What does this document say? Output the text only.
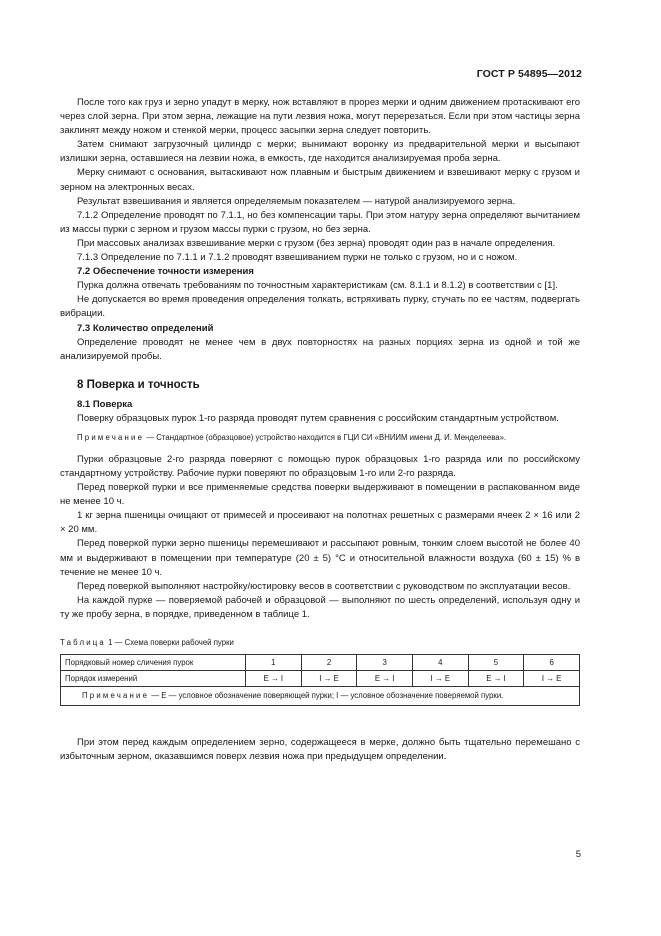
ГОСТ Р 54895—2012

После того как груз и зерно упадут в мерку, нож вставляют в прорез мерки и одним движением протаскивают его через слой зерна. При этом зерна, лежащие на пути лезвия ножа, могут перерезаться. Если при этом частицы зерна заклинят между ножом и стенкой мерки, процесс засыпки зерна следует повторить.

Затем снимают загрузочный цилиндр с мерки; вынимают воронку из предварительной мерки и высыпают излишки зерна, оставшиеся на лезвии ножа, в емкость, где находится анализируемая проба зерна.

Мерку снимают с основания, вытаскивают нож плавным и быстрым движением и взвешивают мерку с грузом и зерном на электронных весах.

Результат взвешивания и является определяемым показателем — натурой анализируемого зерна.

7.1.2 Определение проводят по 7.1.1, но без компенсации тары. При этом натуру зерна определяют вычитанием из массы пурки с зерном и грузом массы пурки с грузом, но без зерна.

При массовых анализах взвешивание мерки с грузом (без зерна) проводят один раз в начале определения.

7.1.3 Определение по 7.1.1 и 7.1.2 проводят взвешиванием пурки не только с грузом, но и с ножом.

7.2 Обеспечение точности измерения

Пурка должна отвечать требованиям по точностным характеристикам (см. 8.1.1 и 8.1.2) в соответствии с [1].

Не допускается во время проведения определения толкать, встряхивать пурку, стучать по ее частям, подвергать вибрации.

7.3 Количество определений

Определение проводят не менее чем в двух повторностях на разных порциях зерна из одной и той же анализируемой пробы.

8 Поверка и точность

8.1 Поверка

Поверку образцовых пурок 1-го разряда проводят путем сравнения с российским стандартным устройством.

Примечание — Стандартное (образцовое) устройство находится в ГЦИ СИ «ВНИИМ имени Д. И. Менделеева».

Пурки образцовые 2-го разряда поверяют с помощью пурок образцовых 1-го разряда или по российскому стандартному устройству. Рабочие пурки поверяют по образцовым 1-го или 2-го разряда.

Перед поверкой пурки и все применяемые средства поверки выдерживают в помещении в распакованном виде не менее 10 ч.

1 кг зерна пшеницы очищают от примесей и просеивают на полотнах решетных с размерами ячеек 2 × 16 или 2 × 20 мм.

Перед поверкой пурки зерно пшеницы перемешивают и рассыпают ровным, тонким слоем высотой не более 40 мм и выдерживают в помещении при температуре (20 ± 5) °С и относительной влажности воздуха (60 ± 15) % в течение не менее 10 ч.

Перед поверкой выполняют настройку/юстировку весов в соответствии с руководством по эксплуатации весов.

На каждой пурке — поверяемой рабочей и образцовой — выполняют по шесть определений, используя одну и ту же пробу зерна, в порядке, приведенном в таблице 1.

Таблица 1 — Схема поверки рабочей пурки
Порядковый номер сличения пурок	1	2	3	4	5	6
Порядок измерений	E → I	I → E	E → I	I → E	E → I	I → E

Примечание — Е — условное обозначение поверяющей пурки; I — условное обозначение поверяемой пурки.						

При этом перед каждым определением зерно, содержащееся в мерке, должно быть тщательно перемешано с избыточным зерном, оказавшимся поверх лезвия ножа при предыдущем определении.

5
